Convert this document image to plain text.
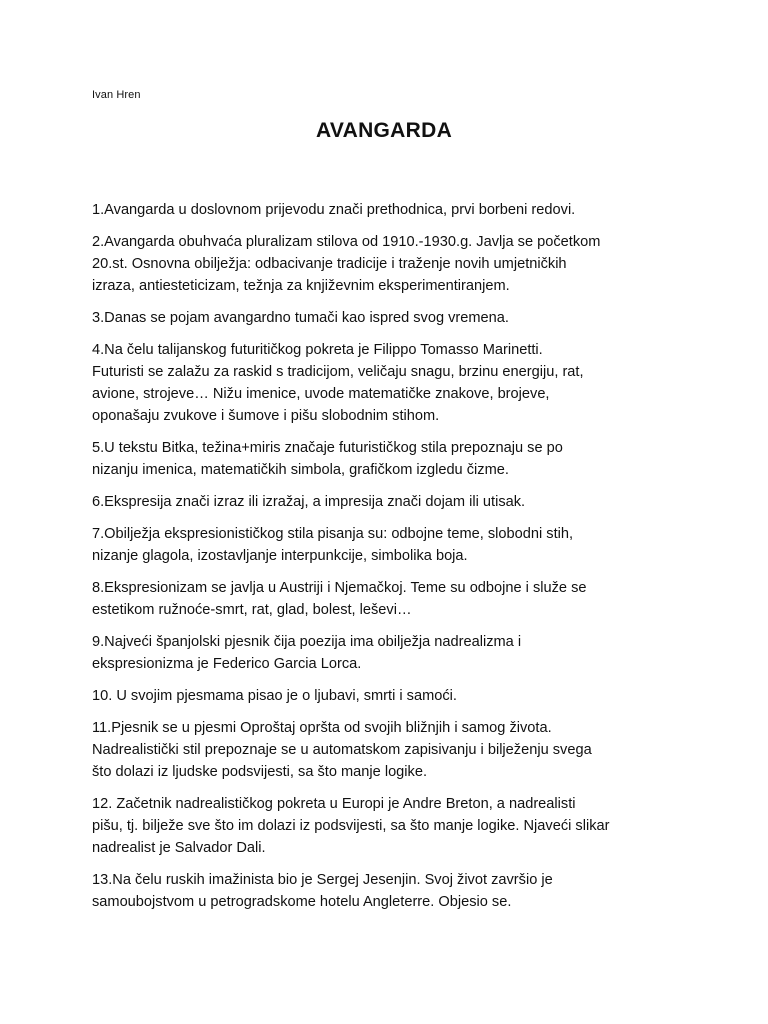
Ivan Hren
AVANGARDA
1.Avangarda u doslovnom prijevodu znači prethodnica, prvi borbeni redovi.
2.Avangarda obuhvaća pluralizam stilova od 1910.-1930.g. Javlja se početkom
20.st. Osnovna obilježja: odbacivanje tradicije i traženje novih umjetničkih
izraza, antiesteticizam, težnja za književnim eksperimentiranjem.
3.Danas se pojam avangardno tumači kao ispred svog vremena.
4.Na čelu talijanskog futuritičkog pokreta je Filippo Tomasso Marinetti.
Futuristi se zalažu za raskid s tradicijom, veličaju snagu, brzinu energiju, rat,
avione, strojeve… Nižu imenice, uvode matematičke znakove, brojeve,
oponašaju zvukove i šumove i pišu slobodnim stihom.
5.U tekstu Bitka, težina+miris značaje futurističkog stila prepoznaju se po
nizanju imenica, matematičkih simbola, grafičkom izgledu čizme.
6.Ekspresija znači izraz ili izražaj, a impresija znači dojam ili utisak.
7.Obilježja ekspresionističkog stila pisanja su: odbojne teme, slobodni stih,
nizanje glagola, izostavljanje interpunkcije, simbolika boja.
8.Ekspresionizam se javlja u Austriji i Njemačkoj. Teme su odbojne i služe se
estetikom ružnoće-smrt, rat, glad, bolest, leševi…
9.Najveći španjolski pjesnik čija poezija ima obilježja nadrealizma i
ekspresionizma je Federico Garcia Lorca.
10. U svojim pjesmama pisao je o ljubavi, smrti i samoći.
11.Pjesnik se u pjesmi Oproštaj opršta od svojih bližnjih i samog života.
Nadrealistički stil prepoznaje se u automatskom zapisivanju i bilježenju svega
što dolazi iz ljudske podsvijesti, sa što manje logike.
12. Začetnik nadrealističkog pokreta u Europi je Andre Breton, a nadrealisti
pišu, tj. bilježe sve što im dolazi iz podsvijesti, sa što manje logike. Njaveći slikar
nadrealist je Salvador Dali.
13.Na čelu ruskih imažinista bio je Sergej Jesenjin. Svoj život završio je
samoubojstvom u petrogradskome hotelu Angleterre. Objesio se.
